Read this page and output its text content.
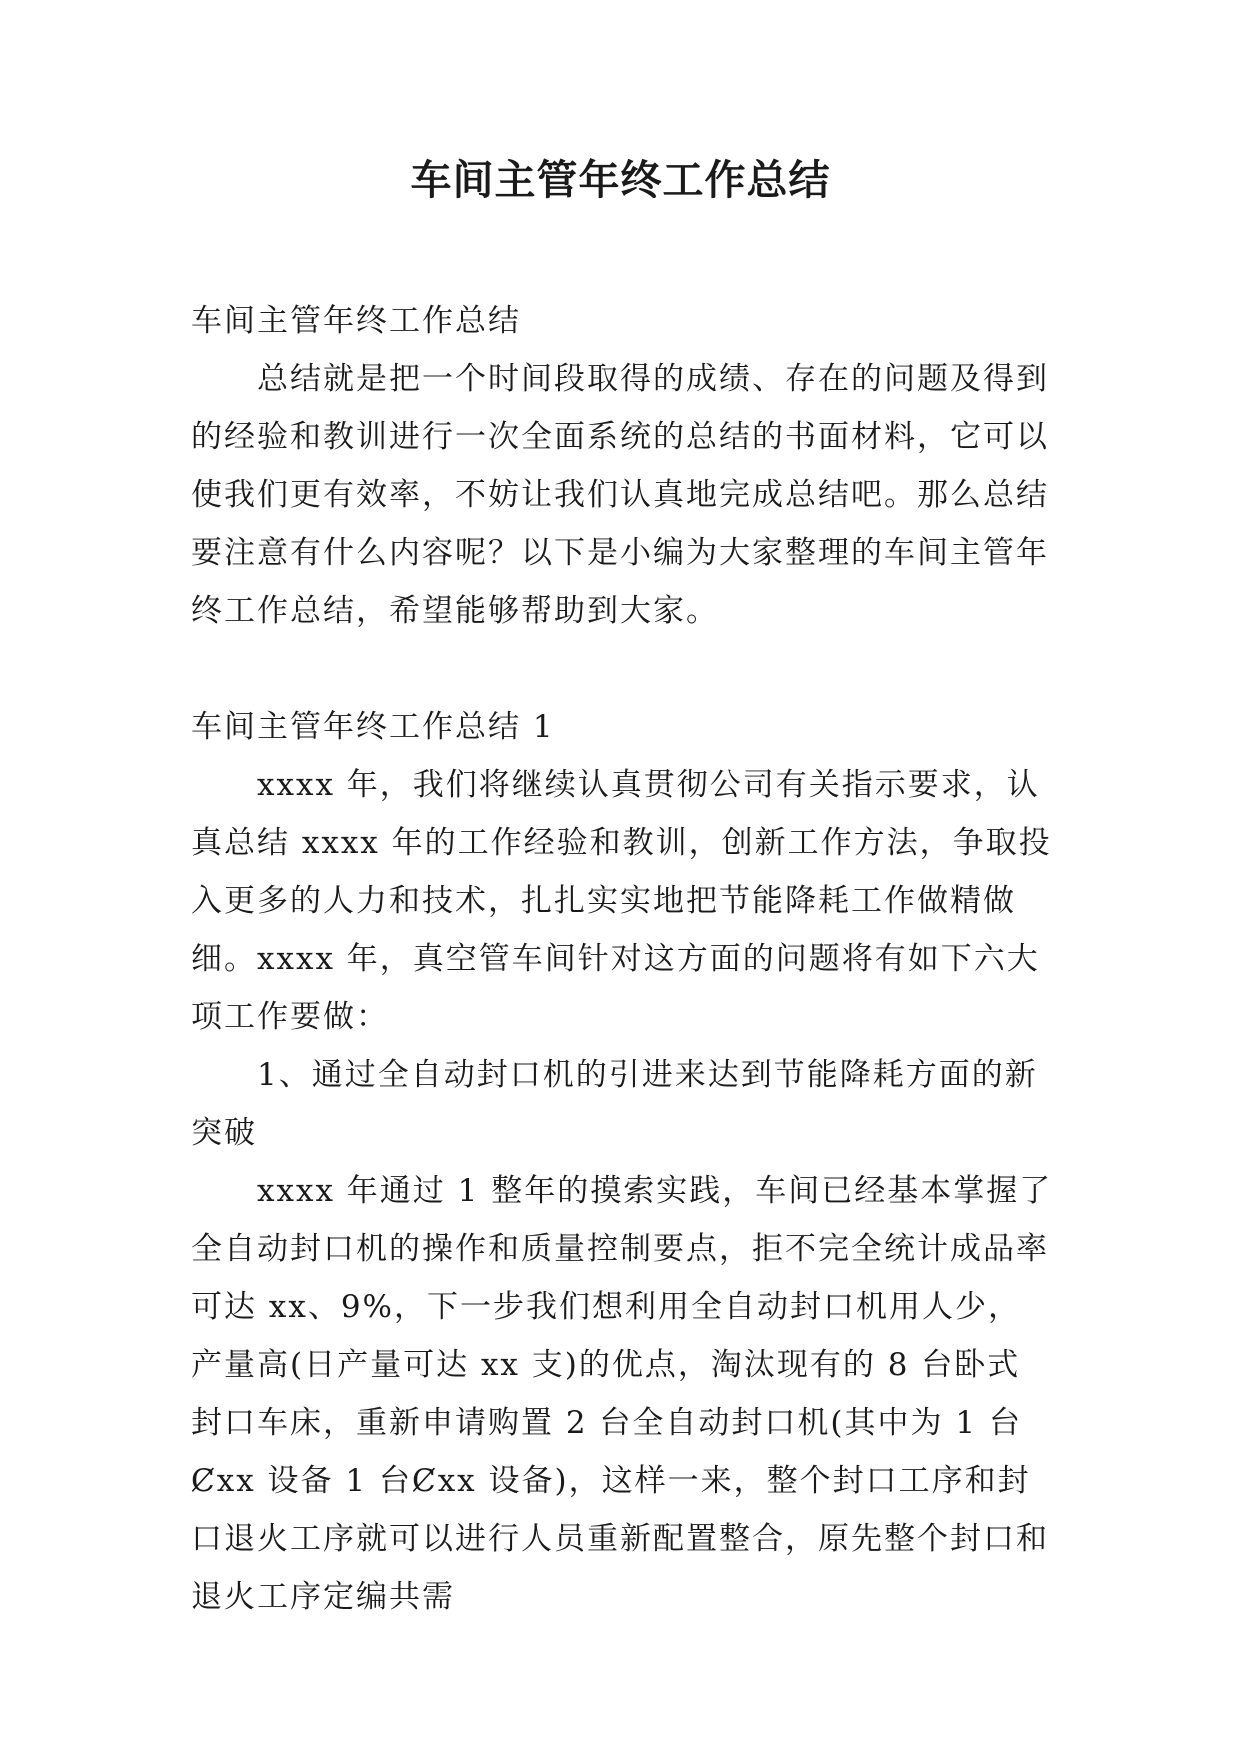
车间主管年终工作总结

车间主管年终工作总结

总结就是把一个时间段取得的成绩、存在的问题及得到的经验和教训进行一次全面系统的总结的书面材料，它可以使我们更有效率，不妨让我们认真地完成总结吧。那么总结要注意有什么内容呢？以下是小编为大家整理的车间主管年终工作总结，希望能够帮助到大家。

车间主管年终工作总结 1

xxxx 年，我们将继续认真贯彻公司有关指示要求，认真总结 xxxx 年的工作经验和教训，创新工作方法，争取投入更多的人力和技术，扎扎实实地把节能降耗工作做精做细。xxxx 年，真空管车间针对这方面的问题将有如下六大项工作要做：

1、通过全自动封口机的引进来达到节能降耗方面的新突破

xxxx 年通过 1 整年的摸索实践，车间已经基本掌握了全自动封口机的操作和质量控制要点，拒不完全统计成品率可达 xx、9%，下一步我们想利用全自动封口机用人少，产量高(日产量可达 xx 支)的优点，淘汰现有的 8 台卧式封口车床，重新申请购置 2 台全自动封口机(其中为 1 台Ȼxx 设备 1 台Ȼxx 设备)，这样一来，整个封口工序和封口退火工序就可以进行人员重新配置整合，原先整个封口和退火工序定编共需
